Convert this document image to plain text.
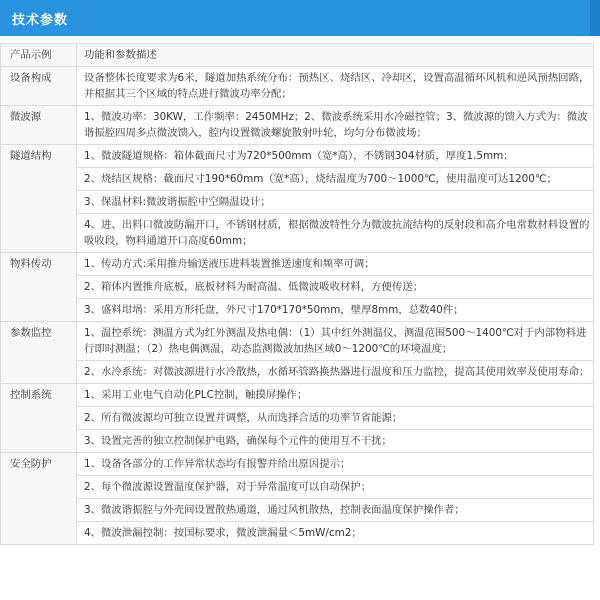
技术参数
产品示例	功能和参数描述
设备构成	设备整体长度要求为6米，隧道加热系统分布：预热区、烧结区、冷却区，设置高温循环风机和逆风预热回路，
并根据其三个区域的特点进行微波功率分配；

微波源	1、微波功率：30KW，工作频率：2450MHz；2、微波系统采用水冷磁控管；3、微波源的馈入方式为：微波
谐振腔四周多点微波馈入，腔内设置微波螺旋散射叶轮，均匀分布微波场；

隧道结构	1、微波隧道规格：箱体截面尺寸为720*500mm（宽*高），不锈钢304材质，厚度1.5mm；

	2、烧结区规格：截面尺寸190*60mm（宽*高），烧结温度为700～1000℃，使用温度可达1200℃；

	3、保温材料:微波谐振腔中空隔温设计；

	4、进、出料口微波防漏开口，不锈钢材质，根据微波特性分为微波抗流结构的反射段和高介电常数材料设置的
吸收段，物料通道开口高度60mm；

物料传动	1、传动方式:采用推舟输送液压进料装置推送速度和频率可调；

	2、箱体内置推舟底板，底板材料为耐高温、低微波吸收材料，方便传送；

	3、盛料坩埚：采用方形托盘，外尺寸170*170*50mm，壁厚8mm，总数40件；

参数监控	1、温控系统：测温方式为红外测温及热电偶：（1）其中红外测温仪，测温范围500～1400℃对于内部物料进
行即时测温；（2）热电偶测温，动态监测微波加热区域0～1200℃的环境温度；

	2、水冷系统：对微波源进行水冷散热，水循环管路换热器进行温度和压力监控，提高其使用效率及使用寿命；

控制系统	1、采用工业电气自动化PLC控制，触摸屏操作；

	2、所有微波源均可独立设置并调整，从而选择合适的功率节省能源；

	3、设置完善的独立控制保护电路，确保每个元件的使用互不干扰；

安全防护	1、设备各部分的工作异常状态均有报警并给出原因提示；

	2、每个微波源设置温度保护器，对于异常温度可以自动保护；

	3、微波谐振腔与外壳间设置散热通道，通过风机散热，控制表面温度保护操作者；

	4、微波泄漏控制：按国标要求，微波泄漏量＜5mW/cm2；
